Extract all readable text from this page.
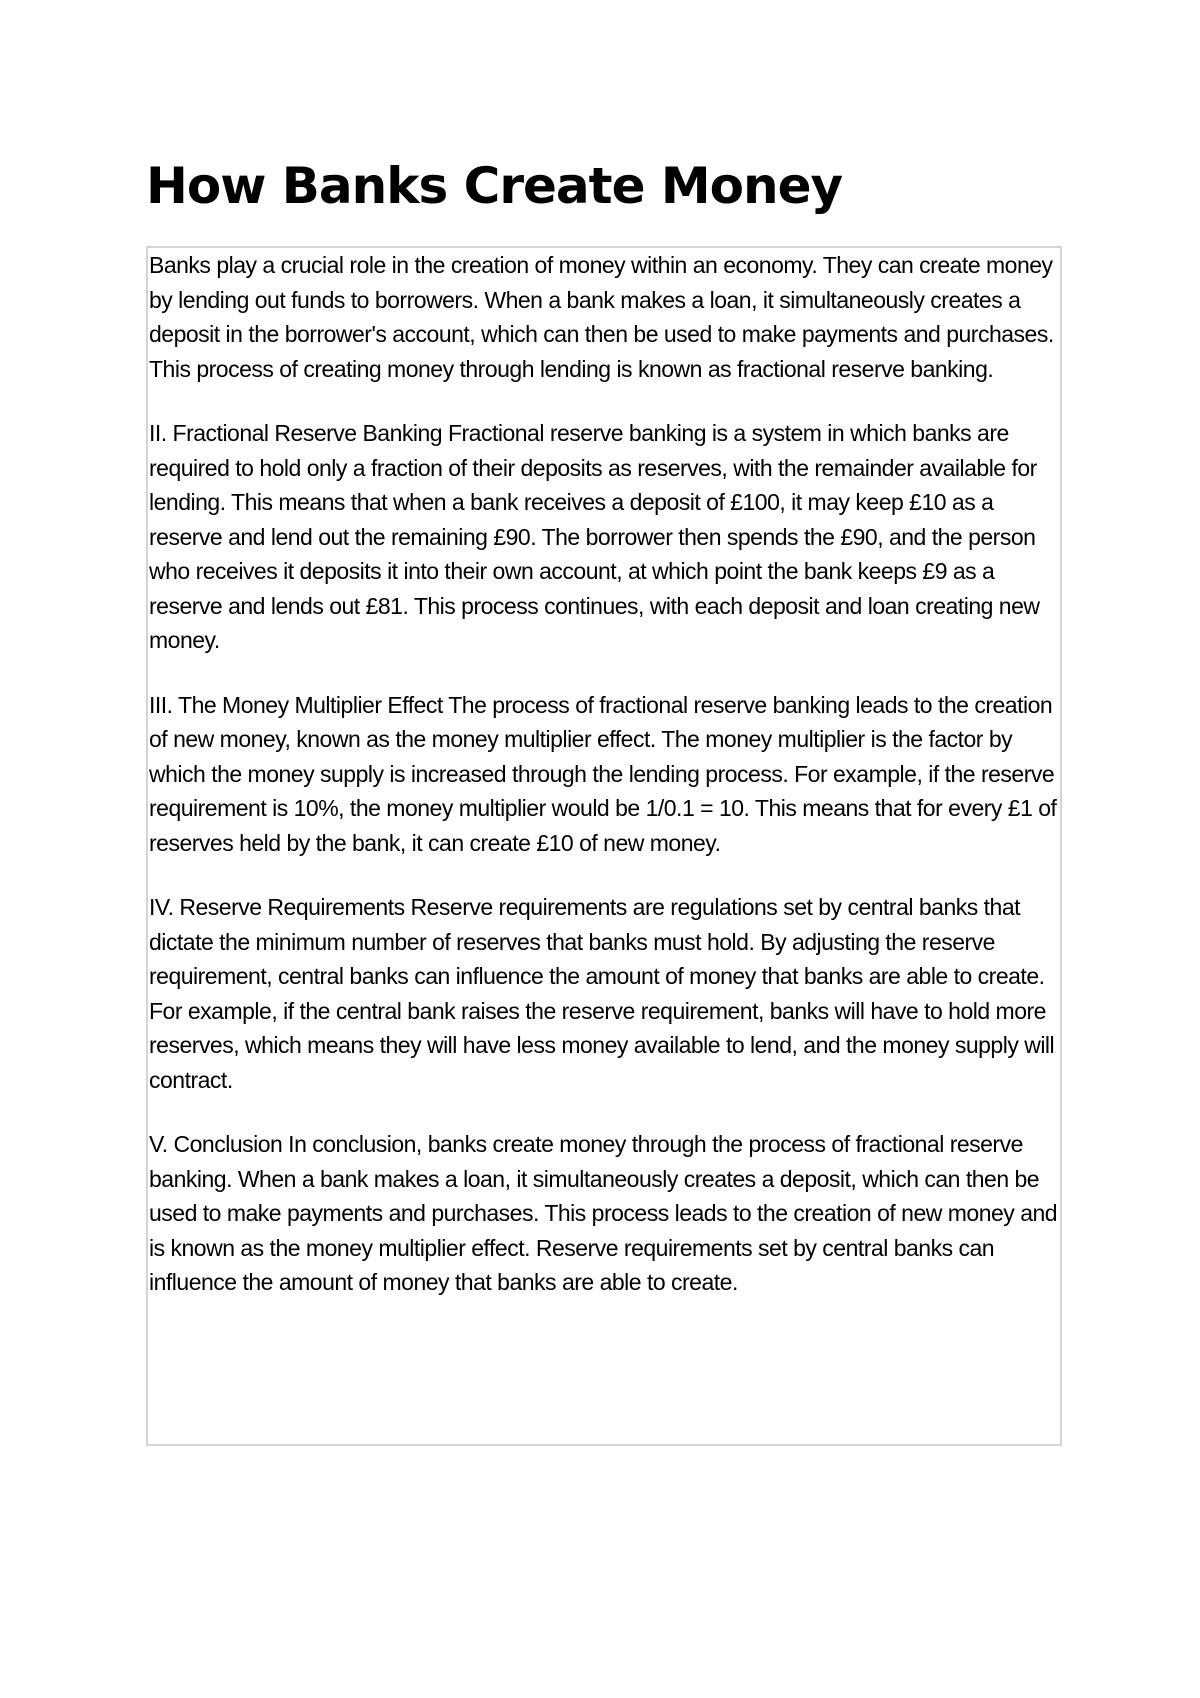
How Banks Create Money

Banks play a crucial role in the creation of money within an economy. They can create money by lending out funds to borrowers. When a bank makes a loan, it simultaneously creates a deposit in the borrower's account, which can then be used to make payments and purchases. This process of creating money through lending is known as fractional reserve banking.

II. Fractional Reserve Banking Fractional reserve banking is a system in which banks are required to hold only a fraction of their deposits as reserves, with the remainder available for lending. This means that when a bank receives a deposit of £100, it may keep £10 as a reserve and lend out the remaining £90. The borrower then spends the £90, and the person who receives it deposits it into their own account, at which point the bank keeps £9 as a reserve and lends out £81. This process continues, with each deposit and loan creating new money.

III. The Money Multiplier Effect The process of fractional reserve banking leads to the creation of new money, known as the money multiplier effect. The money multiplier is the factor by which the money supply is increased through the lending process. For example, if the reserve requirement is 10%, the money multiplier would be 1/0.1 = 10. This means that for every £1 of reserves held by the bank, it can create £10 of new money.

IV. Reserve Requirements Reserve requirements are regulations set by central banks that dictate the minimum number of reserves that banks must hold. By adjusting the reserve requirement, central banks can influence the amount of money that banks are able to create. For example, if the central bank raises the reserve requirement, banks will have to hold more reserves, which means they will have less money available to lend, and the money supply will contract.

V. Conclusion In conclusion, banks create money through the process of fractional reserve banking. When a bank makes a loan, it simultaneously creates a deposit, which can then be used to make payments and purchases. This process leads to the creation of new money and is known as the money multiplier effect. Reserve requirements set by central banks can influence the amount of money that banks are able to create.
